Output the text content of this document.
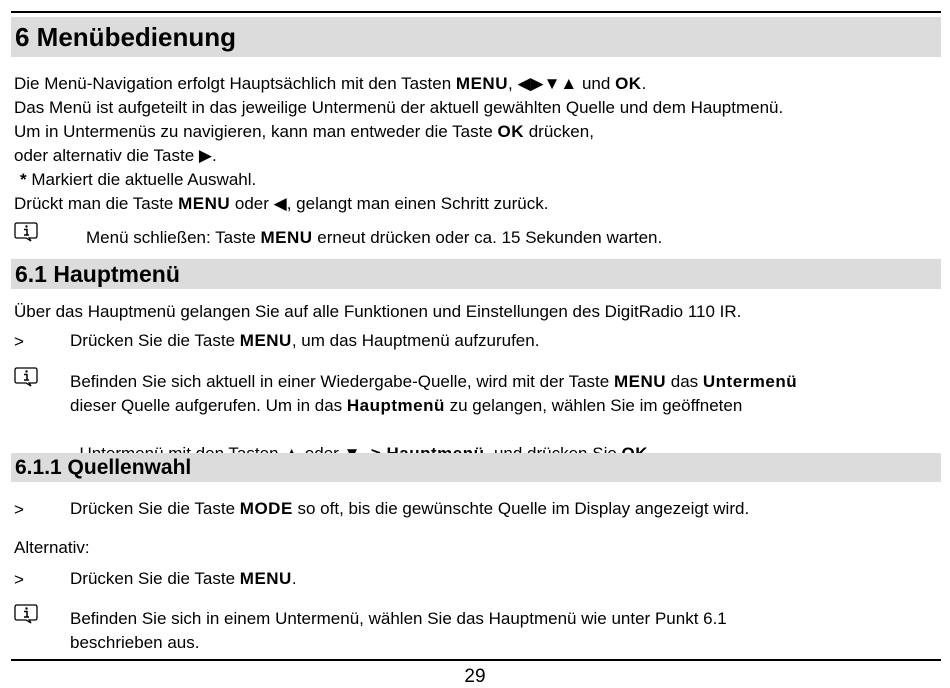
6 Menübedienung
Die Menü-Navigation erfolgt Hauptsächlich mit den Tasten MENU, ◀▶▼▲ und OK.
Das Menü ist aufgeteilt in das jeweilige Untermenü der aktuell gewählten Quelle und dem Hauptmenü.
Um in Untermenüs zu navigieren, kann man entweder die Taste OK drücken,
oder alternativ die Taste ▶.
* Markiert die aktuelle Auswahl.
Drückt man die Taste MENU oder ◀, gelangt man einen Schritt zurück.
Menü schließen: Taste MENU erneut drücken oder ca. 15 Sekunden warten.
6.1 Hauptmenü
Über das Hauptmenü gelangen Sie auf alle Funktionen und Einstellungen des DigitRadio 110 IR.
>	Drücken Sie die Taste MENU, um das Hauptmenü aufzurufen.
Befinden Sie sich aktuell in einer Wiedergabe-Quelle, wird mit der Taste MENU das Untermenü
dieser Quelle aufgerufen. Um in das Hauptmenü zu gelangen, wählen Sie im geöffneten

6.1.1 Quellenwahl
>	Drücken Sie die Taste MODE so oft, bis die gewünschte Quelle im Display angezeigt wird.
Alternativ:
>	Drücken Sie die Taste MENU.
Befinden Sie sich in einem Untermenü, wählen Sie das Hauptmenü wie unter Punkt 6.1
beschrieben aus.
29
